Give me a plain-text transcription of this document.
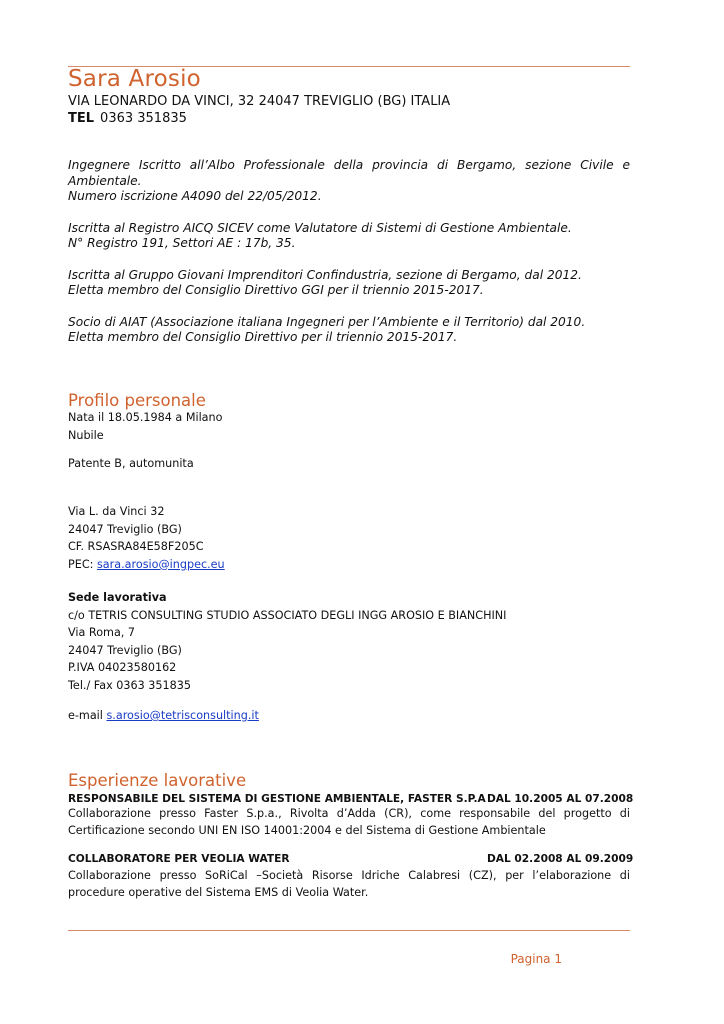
Sara Arosio
VIA LEONARDO DA VINCI, 32 24047 TREVIGLIO (BG) ITALIA
TEL 0363 351835

Ingegnere Iscritto all’Albo Professionale della provincia di Bergamo, sezione Civile e Ambientale.
Numero iscrizione A4090 del 22/05/2012.

Iscritta al Registro AICQ SICEV come Valutatore di Sistemi di Gestione Ambientale.
N° Registro 191, Settori AE : 17b, 35.

Iscritta al Gruppo Giovani Imprenditori Confindustria, sezione di Bergamo, dal 2012.
Eletta membro del Consiglio Direttivo GGI per il triennio 2015-2017.

Socio di AIAT (Associazione italiana Ingegneri per l’Ambiente e il Territorio) dal 2010.
Eletta membro del Consiglio Direttivo per il triennio 2015-2017.

Profilo personale
Nata il 18.05.1984 a Milano
Nubile
Patente B, automunita
Via L. da Vinci 32
24047 Treviglio (BG)
CF. RSASRA84E58F205C
PEC: sara.arosio@ingpec.eu
Sede lavorativa
c/o TETRIS CONSULTING STUDIO ASSOCIATO DEGLI INGG AROSIO E BIANCHINI
Via Roma, 7
24047 Treviglio (BG)
P.IVA 04023580162
Tel./ Fax 0363 351835
e-mail s.arosio@tetrisconsulting.it
Esperienze lavorative
RESPONSABILE DEL SISTEMA DI GESTIONE AMBIENTALE, FASTER S.P.A DAL 10.2005 AL 07.2008
Collaborazione presso Faster S.p.a., Rivolta d’Adda (CR), come responsabile del progetto di Certificazione secondo UNI EN ISO 14001:2004 e del Sistema di Gestione Ambientale
COLLABORATORE PER VEOLIA WATER	DAL 02.2008 AL 09.2009
Collaborazione presso SoRiCal –Società Risorse Idriche Calabresi (CZ), per l’elaborazione di procedure operative del Sistema EMS di Veolia Water.
Pagina 1
